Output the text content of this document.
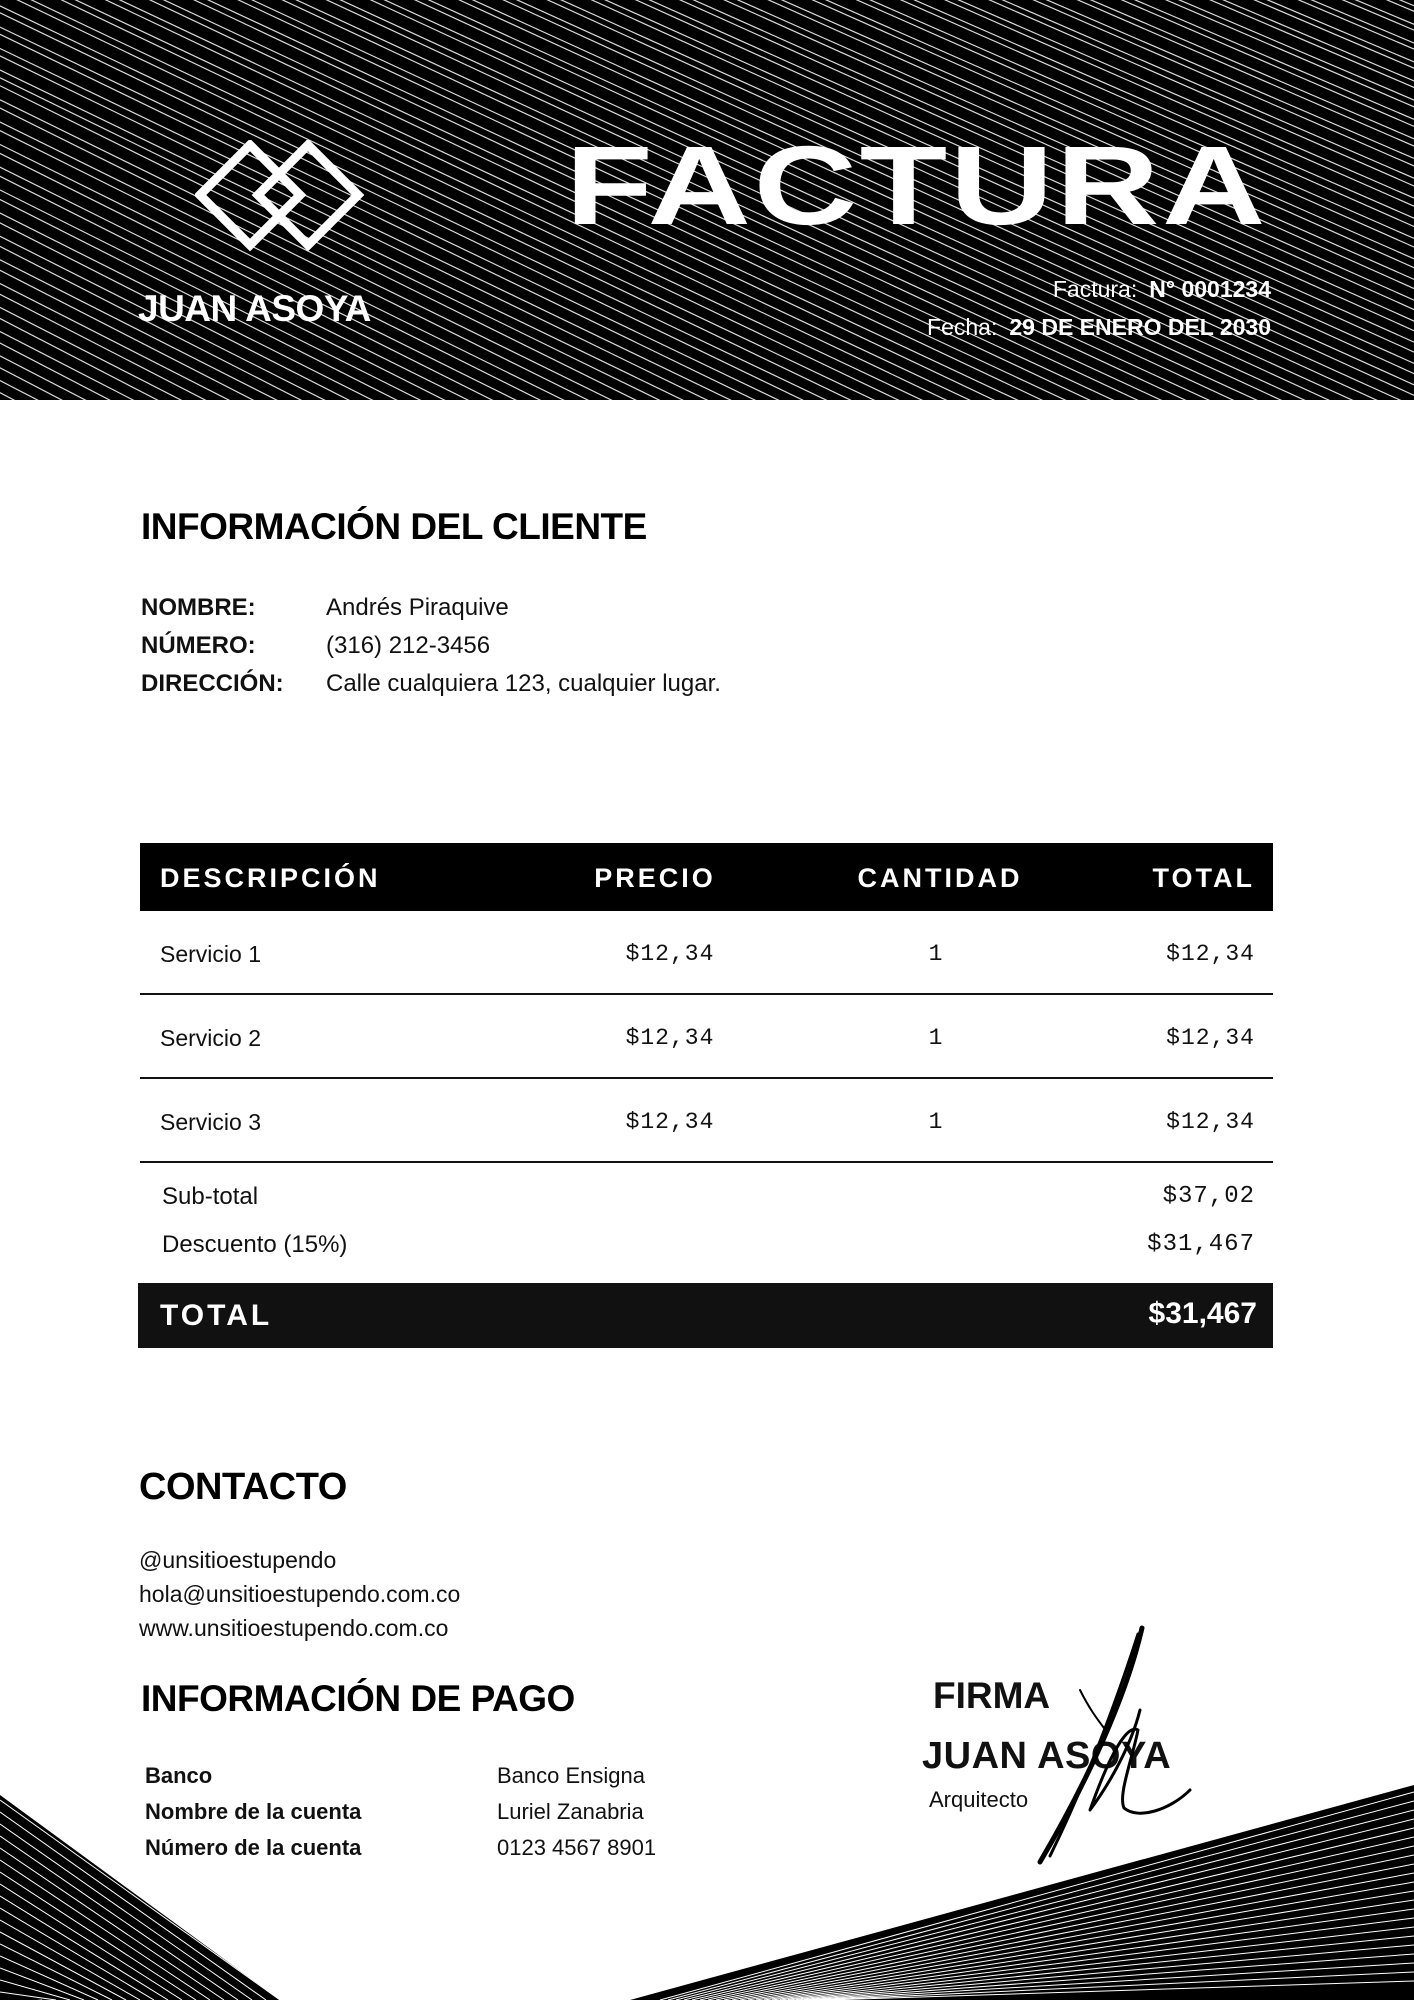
JUAN ASOYA
FACTURA
Factura: N° 0001234
Fecha: 29 DE ENERO DEL 2030
INFORMACIÓN DEL CLIENTE
NOMBRE:	Andrés Piraquive
NÚMERO:	(316) 212-3456
DIRECCIÓN: Calle cualquiera 123, cualquier lugar.
DESCRIPCIÓN	PRECIO	CANTIDAD	TOTAL
Servicio 1	$12,34	1	$12,34
Servicio 2	$12,34	1	$12,34
Servicio 3	$12,34	1	$12,34
Sub-total	$37,02
Descuento (15%)	$31,467
TOTAL	$31,467
CONTACTO
@unsitioestupendo
hola@unsitioestupendo.com.co
www.unsitioestupendo.com.co
INFORMACIÓN DE PAGO
Banco	Banco Ensigna
Nombre de la cuenta	Luriel Zanabria
Número de la cuenta	0123 4567 8901
FIRMA
JUAN ASOYA
Arquitecto
